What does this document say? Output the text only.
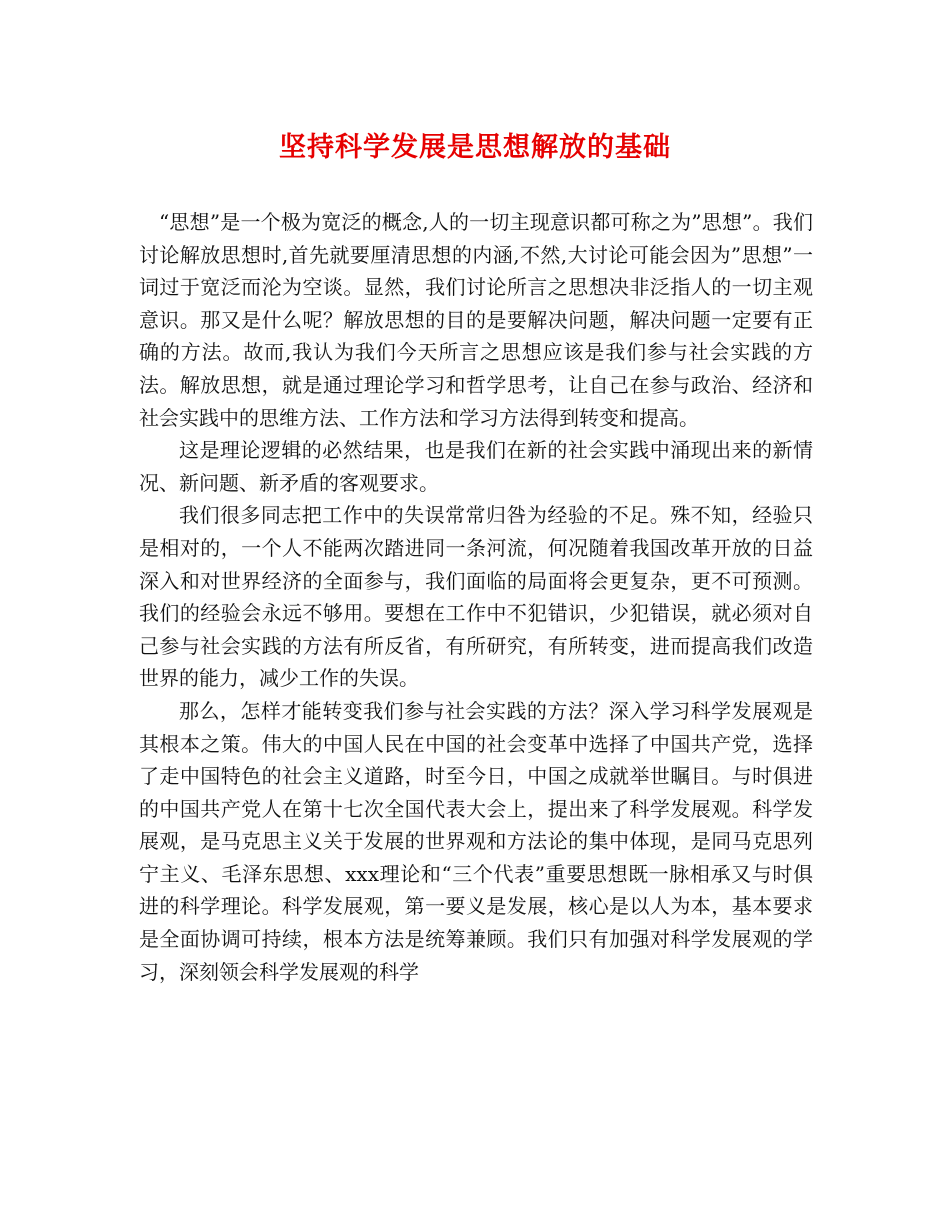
坚持科学发展是思想解放的基础

“思想”是一个极为宽泛的概念,人的一切主现意识都可称之为”思想”。我们讨论解放思想时,首先就要厘清思想的内涵,不然,大讨论可能会因为”思想”一词过于宽泛而沦为空谈。显然，我们讨论所言之思想决非泛指人的一切主观意识。那又是什么呢？解放思想的目的是要解决问题，解决问题一定要有正确的方法。故而,我认为我们今天所言之思想应该是我们参与社会实践的方法。解放思想，就是通过理论学习和哲学思考，让自己在参与政治、经济和社会实践中的思维方法、工作方法和学习方法得到转变和提高。

这是理论逻辑的必然结果，也是我们在新的社会实践中涌现出来的新情况、新问题、新矛盾的客观要求。

我们很多同志把工作中的失误常常归咎为经验的不足。殊不知，经验只是相对的，一个人不能两次踏进同一条河流，何况随着我国改革开放的日益深入和对世界经济的全面参与，我们面临的局面将会更复杂，更不可预测。我们的经验会永远不够用。要想在工作中不犯错识，少犯错误，就必须对自己参与社会实践的方法有所反省，有所研究，有所转变，进而提高我们改造世界的能力，减少工作的失误。

那么，怎样才能转变我们参与社会实践的方法？深入学习科学发展观是其根本之策。伟大的中国人民在中国的社会变革中选择了中国共产党，选择了走中国特色的社会主义道路，时至今日，中国之成就举世瞩目。与时俱进的中国共产党人在第十七次全国代表大会上，提出来了科学发展观。科学发展观，是马克思主义关于发展的世界观和方法论的集中体现，是同马克思列宁主义、毛泽东思想、xxx理论和“三个代表”重要思想既一脉相承又与时俱进的科学理论。科学发展观，第一要义是发展，核心是以人为本，基本要求是全面协调可持续，根本方法是统筹兼顾。我们只有加强对科学发展观的学习，深刻领会科学发展观的科学
